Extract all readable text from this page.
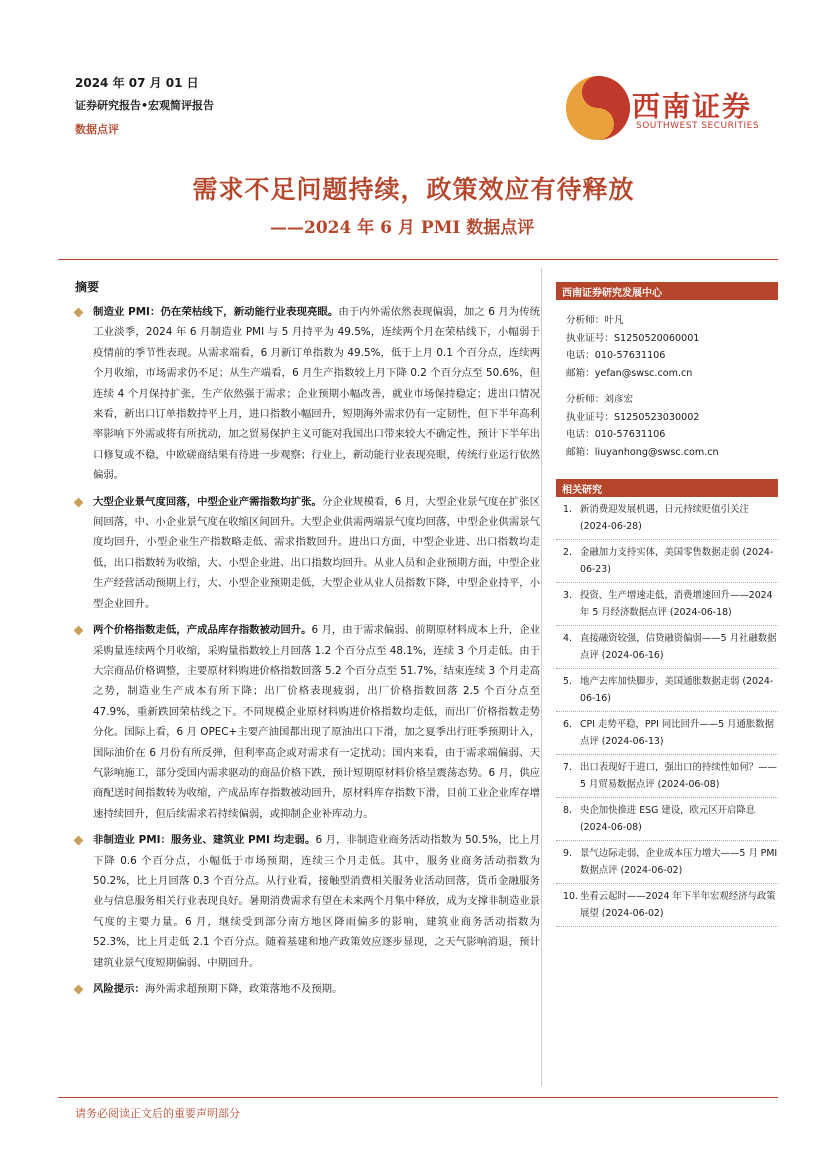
2024 年 07 月 01 日
证券研究报告•宏观简评报告
数据点评
西南证券
SOUTHWEST SECURITIES
需求不足问题持续，政策效应有待释放
——2024 年 6 月 PMI 数据点评
摘要
制造业 PMI：仍在荣枯线下，新动能行业表现亮眼。由于内外需依然表现偏弱，加之 6 月为传统工业淡季，2024 年 6 月制造业 PMI 与 5 月持平为 49.5%，连续两个月在荣枯线下，小幅弱于疫情前的季节性表现。从需求端看，6 月新订单指数为 49.5%，低于上月 0.1 个百分点，连续两个月收缩，市场需求仍不足；从生产端看，6 月生产指数较上月下降 0.2 个百分点至 50.6%，但连续 4 个月保持扩张，生产依然强于需求；企业预期小幅改善，就业市场保持稳定；进出口情况来看，新出口订单指数持平上月，进口指数小幅回升，短期海外需求仍有一定韧性，但下半年高利率影响下外需或将有所扰动，加之贸易保护主义可能对我国出口带来较大不确定性，预计下半年出口修复或不稳，中欧磋商结果有待进一步观察；行业上，新动能行业表现亮眼，传统行业运行依然偏弱。
大型企业景气度回落，中型企业产需指数均扩张。分企业规模看，6 月，大型企业景气度在扩张区间回落，中、小企业景气度在收缩区间回升。大型企业供需两端景气度均回落，中型企业供需景气度均回升，小型企业生产指数略走低、需求指数回升。进出口方面，中型企业进、出口指数均走低，出口指数转为收缩，大、小型企业进、出口指数均回升。从业人员和企业预期方面，中型企业生产经营活动预期上行，大、小型企业预期走低，大型企业从业人员指数下降，中型企业持平，小型企业回升。
两个价格指数走低，产成品库存指数被动回升。6 月，由于需求偏弱、前期原材料成本上升，企业采购量连续两个月收缩，采购量指数较上月回落 1.2 个百分点至 48.1%，连续 3 个月走低。由于大宗商品价格调整，主要原材料购进价格指数回落 5.2 个百分点至 51.7%，结束连续 3 个月走高之势，制造业生产成本有所下降；出厂价格表现疲弱，出厂价格指数回落 2.5 个百分点至 47.9%，重新跌回荣枯线之下。不同规模企业原材料购进价格指数均走低，而出厂价格指数走势分化。国际上看，6 月 OPEC+主要产油国都出现了原油出口下滑，加之夏季出行旺季预期计入，国际油价在 6 月份有所反弹，但利率高企或对需求有一定扰动；国内来看，由于需求端偏弱、天气影响施工，部分受国内需求驱动的商品价格下跌，预计短期原材料价格呈震荡态势。6 月，供应商配送时间指数转为收缩，产成品库存指数被动回升，原材料库存指数下滑，目前工业企业库存增速持续回升，但后续需求若持续偏弱，或抑制企业补库动力。
非制造业 PMI：服务业、建筑业 PMI 均走弱。6 月，非制造业商务活动指数为 50.5%，比上月下降 0.6 个百分点，小幅低于市场预期，连续三个月走低。其中，服务业商务活动指数为 50.2%，比上月回落 0.3 个百分点。从行业看，接触型消费相关服务业活动回落，货币金融服务业与信息服务相关行业表现良好。暑期消费需求有望在未来两个月集中释放，成为支撑非制造业景气度的主要力量。6 月，继续受到部分南方地区降雨偏多的影响，建筑业商务活动指数为 52.3%，比上月走低 2.1 个百分点。随着基建和地产政策效应逐步显现，之天气影响消退，预计建筑业景气度短期偏弱、中期回升。
风险提示：海外需求超预期下降，政策落地不及预期。
西南证券研究发展中心
分析师：叶凡
执业证号：S1250520060001
电话：010-57631106
邮箱：yefan@swsc.com.cn
分析师：刘彦宏
执业证号：S1250523030002
电话：010-57631106
邮箱：liuyanhong@swsc.com.cn
相关研究
1. 新消费迎发展机遇，日元持续贬值引关注 (2024-06-28)
2. 金融加力支持实体，美国零售数据走弱 (2024-06-23)
3. 投资、生产增速走低，消费增速回升——2024 年 5 月经济数据点评 (2024-06-18)
4. 直接融资较强，信贷融资偏弱——5 月社融数据点评 (2024-06-16)
5. 地产去库加快脚步，美国通胀数据走弱 (2024-06-16)
6. CPI 走势平稳，PPI 同比回升——5 月通胀数据点评 (2024-06-13)
7. 出口表现好于进口，强出口的持续性如何？——5 月贸易数据点评 (2024-06-08)
8. 央企加快推进 ESG 建设，欧元区开启降息 (2024-06-08)
9. 景气边际走弱，企业成本压力增大——5 月 PMI 数据点评 (2024-06-02)
10. 坐看云起时——2024 年下半年宏观经济与政策展望 (2024-06-02)
请务必阅读正文后的重要声明部分
